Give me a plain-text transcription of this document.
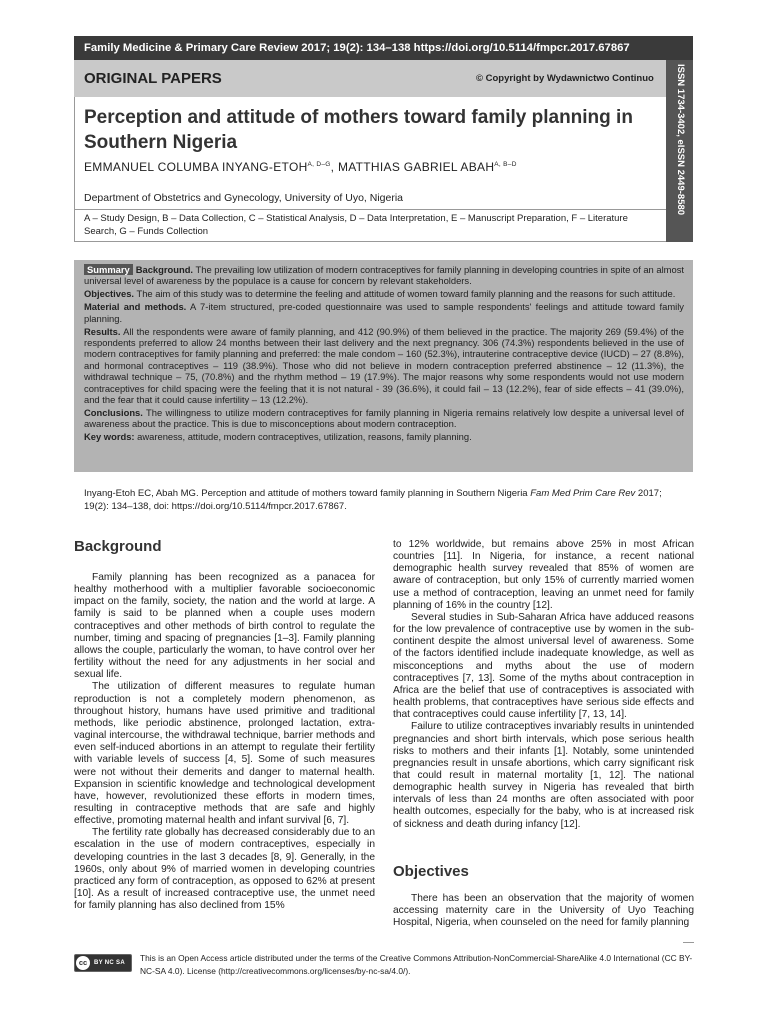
Family Medicine & Primary Care Review 2017; 19(2): 134–138 https://doi.org/10.5114/fmpcr.2017.67867
ORIGINAL PAPERS	© Copyright by Wydawnictwo Continuo	ISSN 1734-3402, eISSN 2449-8580
Perception and attitude of mothers toward family planning in Southern Nigeria
EMMANUEL COLUMBA INYANG-$ETOH^{A, D-G}$, MATTHIAS GABRIEL $ABAH^{A, B-D}$
Department of Obstetrics and Gynecology, University of Uyo, Nigeria
A – Study Design, B – Data Collection, C – Statistical Analysis, D – Data Interpretation, E – Manuscript Preparation, F – Literature Search, G – Funds Collection

Summary Background. The prevailing low utilization of modern contraceptives for family planning in developing countries in spite of an almost universal level of awareness by the populace is a cause for concern by relevant stakeholders.

Objectives. The aim of this study was to determine the feeling and attitude of women toward family planning and the reasons for such attitude.

Material and methods. A 7-item structured, pre-coded questionnaire was used to sample respondents' feelings and attitude toward family planning.

Results. All the respondents were aware of family planning, and 412 (90.9%) of them believed in the practice. The majority 269 (59.4%) of the respondents preferred to allow 24 months between their last delivery and the next pregnancy. 306 (74.3%) respondents believed in the use of modern contraceptives for family planning and preferred: the male condom – 160 (52.3%), intrauterine contraceptive device (IUCD) – 27 (8.8%), and hormonal contraceptives – 119 (38.9%). Those who did not believe in modern contraception preferred abstinence – 12 (11.3%), the withdrawal technique – 75, (70.8%) and the rhythm method – 19 (17.9%). The major reasons why some respondents would not use modern contraceptives for child spacing were the feeling that it is not natural - 39 (36.6%), it could fail – 13 (12.2%), fear of side effects – 41 (39.0%), and the fear that it could cause infertility – 13 (12.2%).

Conclusions. The willingness to utilize modern contraceptives for family planning in Nigeria remains relatively low despite a universal level of awareness about the practice. This is due to misconceptions about modern contraception.

Key words: awareness, attitude, modern contraceptives, utilization, reasons, family planning.

Inyang-Etoh EC, Abah MG. Perception and attitude of mothers toward family planning in Southern Nigeria Fam Med Prim Care Rev 2017; 19(2): 134–138, doi: https://doi.org/10.5114/fmpcr.2017.67867.
Background

Family planning has been recognized as a panacea for healthy motherhood with a multiplier favorable socioeconomic impact on the family, society, the nation and the world at large. A family is said to be planned when a couple uses modern contraceptives and other methods of birth control to regulate the number, timing and spacing of pregnancies [1–3]. Family planning allows the couple, particularly the woman, to have control over her fertility without the need for any adjustments in her social and sexual life.

The utilization of different measures to regulate human reproduction is not a completely modern phenomenon, as throughout history, humans have used primitive and traditional methods, like periodic abstinence, prolonged lactation, extra-vaginal intercourse, the withdrawal technique, barrier methods and even self-induced abortions in an attempt to regulate their fertility with variable levels of success [4, 5]. Some of such measures were not without their demerits and danger to maternal health. Expansion in scientific knowledge and technological development have, however, revolutionized these efforts in modern times, resulting in contraceptive methods that are safe and highly effective, promoting maternal health and infant survival [6, 7].

The fertility rate globally has decreased considerably due to an escalation in the use of modern contraceptives, especially in developing countries in the last 3 decades [8, 9]. Generally, in the 1960s, only about 9% of married women in developing countries practiced any form of contraception, as opposed to 62% at present [10]. As a result of increased contraceptive use, the unmet need for family planning has also declined from 15%

to 12% worldwide, but remains above 25% in most African countries [11]. In Nigeria, for instance, a recent national demographic health survey revealed that 85% of women are aware of contraception, but only 15% of currently married women use a method of contraception, leaving an unmet need for family planning of 16% in the country [12].

Several studies in Sub-Saharan Africa have adduced reasons for the low prevalence of contraceptive use by women in the sub-continent despite the almost universal level of awareness. Some of the factors identified include inadequate knowledge, as well as misconceptions and myths about the use of modern contraceptives [7, 13]. Some of the myths about contraception in Africa are the belief that use of contraceptives is associated with health problems, that contraceptives have serious side effects and that contraceptives could cause infertility [7, 13, 14].

Failure to utilize contraceptives invariably results in unintended pregnancies and short birth intervals, which pose serious health risks to mothers and their infants [1]. Notably, some unintended pregnancies result in unsafe abortions, which carry significant risk that could result in maternal mortality [1, 12]. The national demographic health survey in Nigeria has revealed that birth intervals of less than 24 months are often associated with poor health outcomes, especially for the baby, who is at increased risk of sickness and death during infancy [12].

Objectives

There has been an observation that the majority of women accessing maternity care in the University of Uyo Teaching Hospital, Nigeria, when counseled on the need for family planning

cc	BY NC SA This is an Open Access article distributed under the terms of the Creative Commons Attribution-NonCommercial-ShareAlike 4.0 International (CC BY-NC-SA 4.0). License (http://creativecommons.org/licenses/by-nc-sa/4.0/).
